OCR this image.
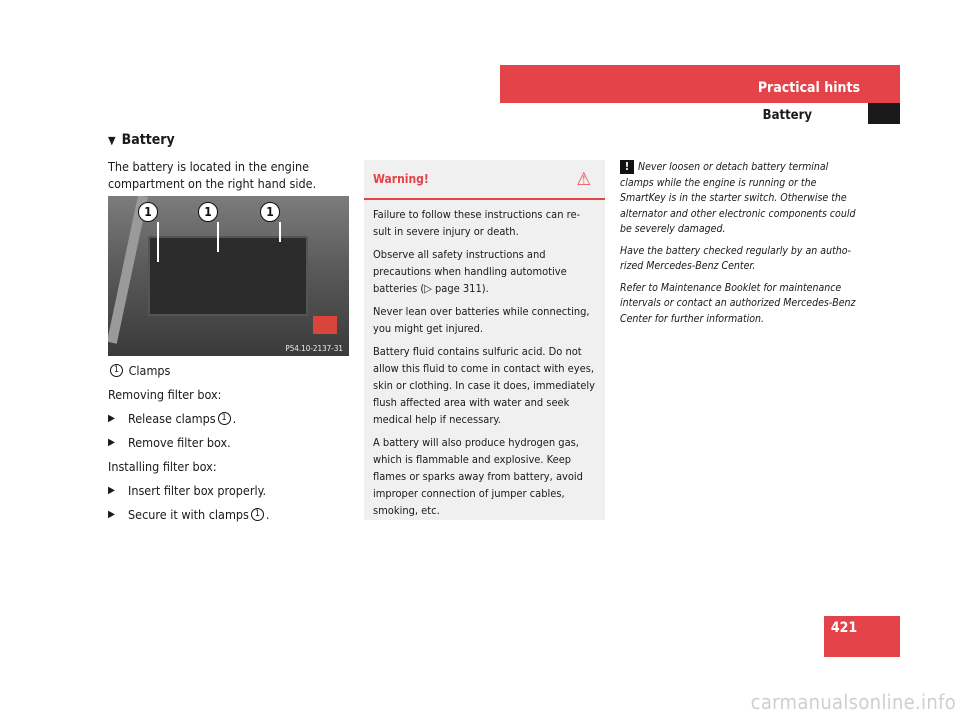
Practical hints
Battery
▼ Battery
The battery is located in the engine compartment on the right hand side.
1	1	1
P54.10-2137-31
1
Clamps
Removing filter box:
▶	Release clamps 1 .
▶	Remove filter box.
Installing filter box:
▶	Insert filter box properly.
▶	Secure it with clamps 1 .
Warning!	⚠

Failure to follow these instructions can re-sult in severe injury or death.

Observe all safety instructions and precautions when handling automotive batteries (▷ page 311).

Never lean over batteries while connecting, you might get injured.

Battery fluid contains sulfuric acid. Do not allow this fluid to come in contact with eyes, skin or clothing. In case it does, immediately flush affected area with water and seek medical help if necessary.

A battery will also produce hydrogen gas, which is flammable and explosive. Keep flames or sparks away from battery, avoid improper connection of jumper cables, smoking, etc.

! Never loosen or detach battery terminal clamps while the engine is running or the SmartKey is in the starter switch. Otherwise the alternator and other electronic components could be severely damaged.

Have the battery checked regularly by an autho-rized Mercedes-Benz Center.

Refer to Maintenance Booklet for maintenance intervals or contact an authorized Mercedes-Benz Center for further information.

421
carmanualsonline.info
